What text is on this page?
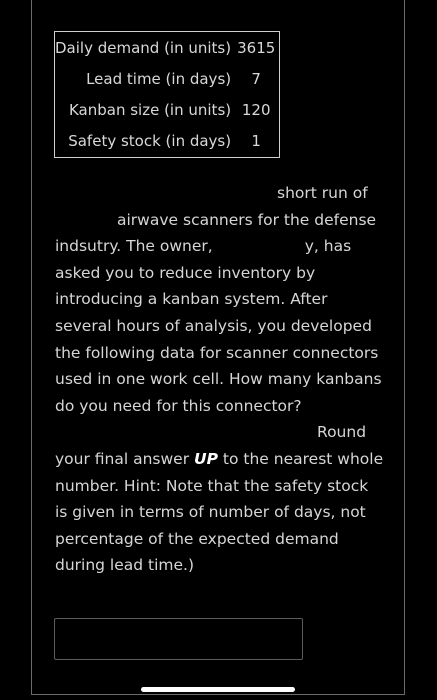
Daily demand (in units)	3615
Lead time (in days)	7
Kanban size (in units)	120
Safety stock (in days)	1

short run of
airwave scanners for the defense
indsutry. The owner,	y, has asked you to reduce inventory by introducing a kanban system. After several hours of analysis, you developed the following data for scanner connectors used in one work cell. How many kanbans do you need for this connector?
Round your final answer UP to the nearest whole number. Hint: Note that the safety stock is given in terms of number of days, not percentage of the expected demand during lead time.)
